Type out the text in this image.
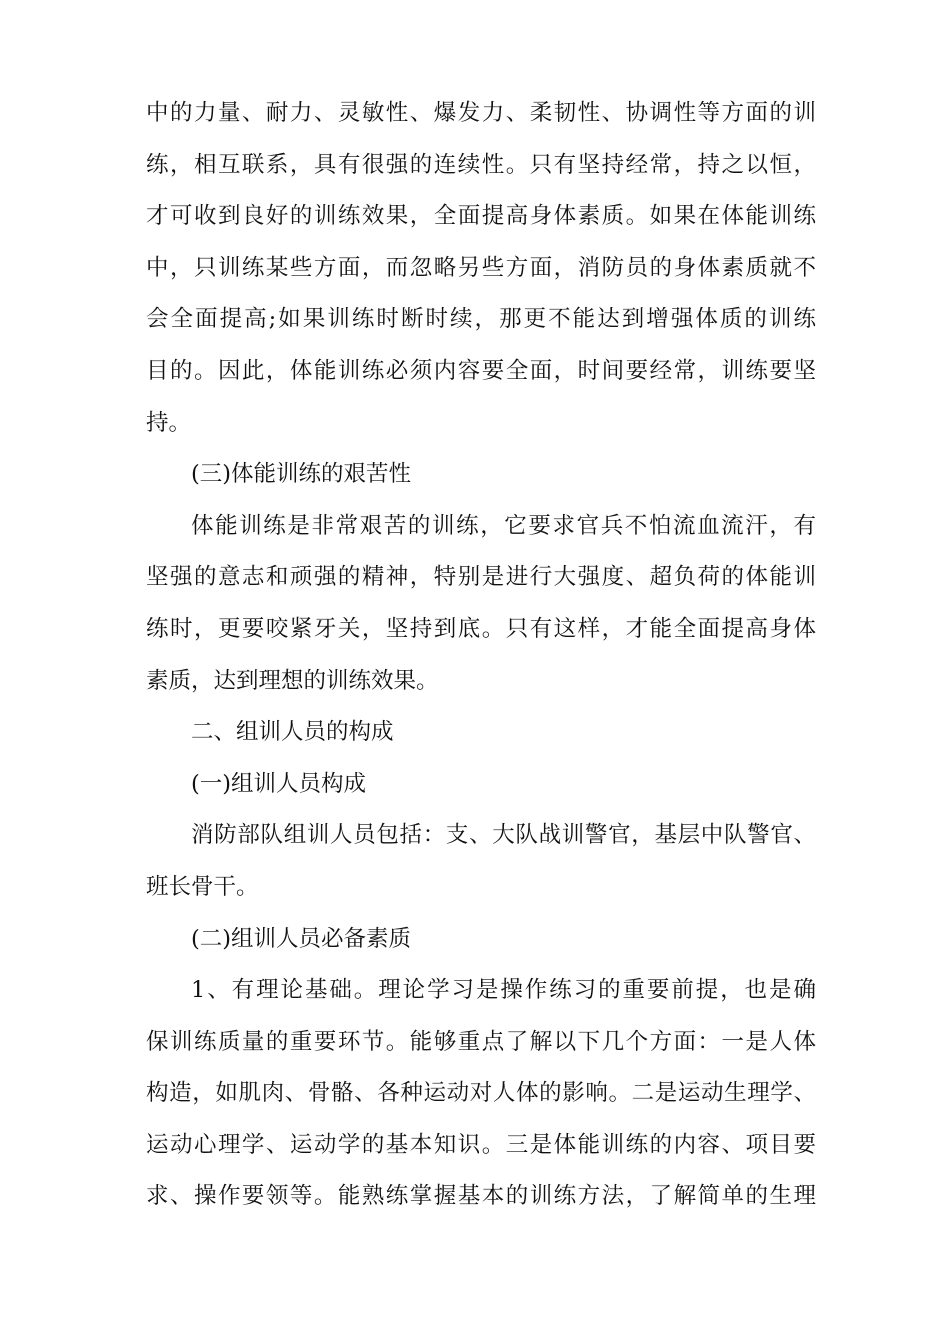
中的力量、耐力、灵敏性、爆发力、柔韧性、协调性等方面的训
练，相互联系，具有很强的连续性。只有坚持经常，持之以恒，
才可收到良好的训练效果，全面提高身体素质。如果在体能训练
中，只训练某些方面，而忽略另些方面，消防员的身体素质就不
会全面提高;如果训练时断时续，那更不能达到增强体质的训练
目的。因此，体能训练必须内容要全面，时间要经常，训练要坚
持。
(三)体能训练的艰苦性
体能训练是非常艰苦的训练，它要求官兵不怕流血流汗，有
坚强的意志和顽强的精神，特别是进行大强度、超负荷的体能训
练时，更要咬紧牙关，坚持到底。只有这样，才能全面提高身体
素质，达到理想的训练效果。
二、组训人员的构成
(一)组训人员构成
消防部队组训人员包括：支、大队战训警官，基层中队警官、
班长骨干。
(二)组训人员必备素质
1、有理论基础。理论学习是操作练习的重要前提，也是确
保训练质量的重要环节。能够重点了解以下几个方面：一是人体
构造，如肌肉、骨骼、各种运动对人体的影响。二是运动生理学、
运动心理学、运动学的基本知识。三是体能训练的内容、项目要
求、操作要领等。能熟练掌握基本的训练方法，了解简单的生理
